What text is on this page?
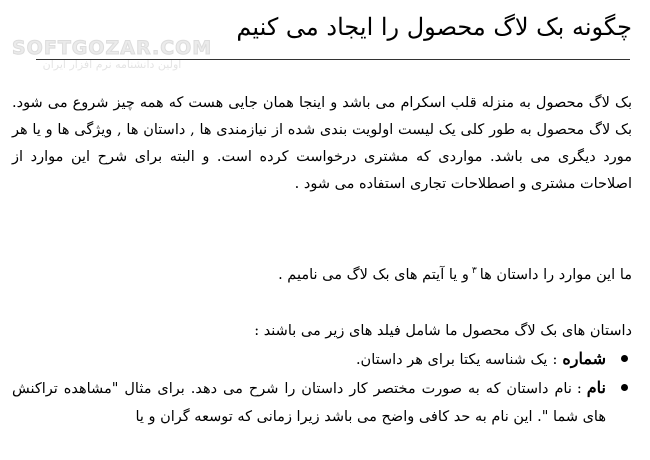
SOFTGOZAR.COM
اولین دانشنامه نرم افزار ایران
چگونه بک لاگ محصول را ایجاد می کنیم

بک لاگ محصول به منزله قلب اسکرام می باشد و اینجا همان جایی هست که همه چیز شروع می شود. بک لاگ محصول به طور کلی یک لیست اولویت بندی شده از نیازمندی ها , داستان ها , ویژگی ها و یا هر مورد دیگری می باشد. مواردی که مشتری درخواست کرده است. و البته برای شرح این موارد از اصلاحات مشتری و اصطلاحات تجاری استفاده می شود .

ما این موارد را داستان ها$^۳$و یا آیتم های بک لاگ می نامیم .

داستان های بک لاگ محصول ما شامل فیلد های زیر می باشند :

شماره:یک شناسه یکتا برای هر داستان.
نام:نام داستان که به صورت مختصر کار داستان را شرح می دهد. برای مثال "مشاهده تراکنش های شما ". این نام به حد کافی واضح می باشد زیرا زمانی که توسعه گران و یا
